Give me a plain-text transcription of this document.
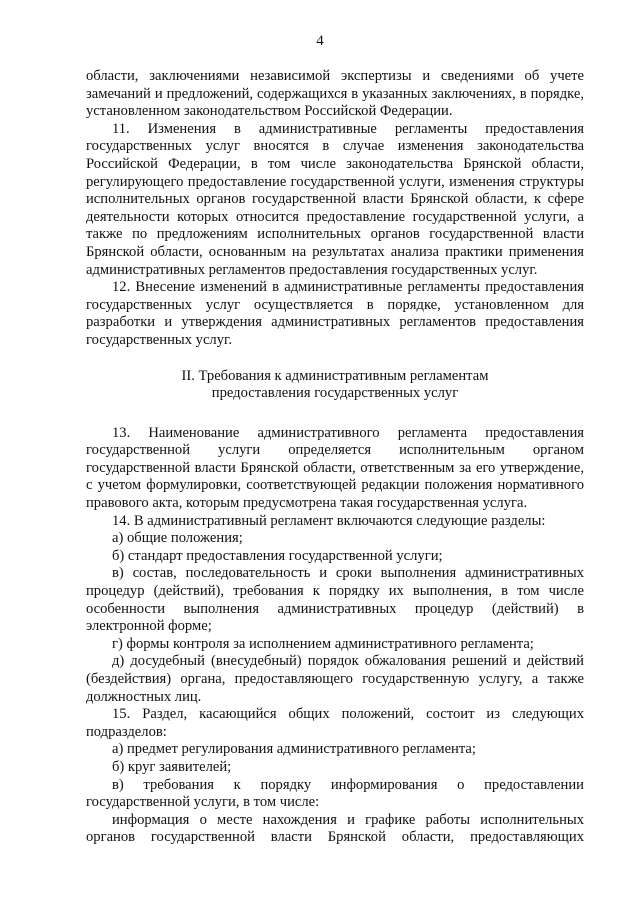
4

области, заключениями независимой экспертизы и сведениями об учете замечаний и предложений, содержащихся в указанных заключениях, в порядке, установленном законодательством Российской Федерации.

11. Изменения в административные регламенты предоставления государственных услуг вносятся в случае изменения законодательства Российской Федерации, в том числе законодательства Брянской области, регулирующего предоставление государственной услуги, изменения структуры исполнительных органов государственной власти Брянской области, к сфере деятельности которых относится предоставление государственной услуги, а также по предложениям исполнительных органов государственной власти Брянской области, основанным на результатах анализа практики применения административных регламентов предоставления государственных услуг.

12. Внесение изменений в административные регламенты предоставления государственных услуг осуществляется в порядке, установленном для разработки и утверждения административных регламентов предоставления государственных услуг.

II. Требования к административным регламентам
предоставления государственных услуг

13. Наименование административного регламента предоставления государственной услуги определяется исполнительным органом государственной власти Брянской области, ответственным за его утверждение, с учетом формулировки, соответствующей редакции положения нормативного правового акта, которым предусмотрена такая государственная услуга.

14. В административный регламент включаются следующие разделы:

а) общие положения;

б) стандарт предоставления государственной услуги;

в) состав, последовательность и сроки выполнения административных процедур (действий), требования к порядку их выполнения, в том числе особенности выполнения административных процедур (действий) в электронной форме;

г) формы контроля за исполнением административного регламента;

д) досудебный (внесудебный) порядок обжалования решений и действий (бездействия) органа, предоставляющего государственную услугу, а также должностных лиц.

15. Раздел, касающийся общих положений, состоит из следующих подразделов:

а) предмет регулирования административного регламента;

б) круг заявителей;

в) требования к порядку информирования о предоставлении государственной услуги, в том числе:

информация о месте нахождения и графике работы исполнительных органов государственной власти Брянской области, предоставляющих
